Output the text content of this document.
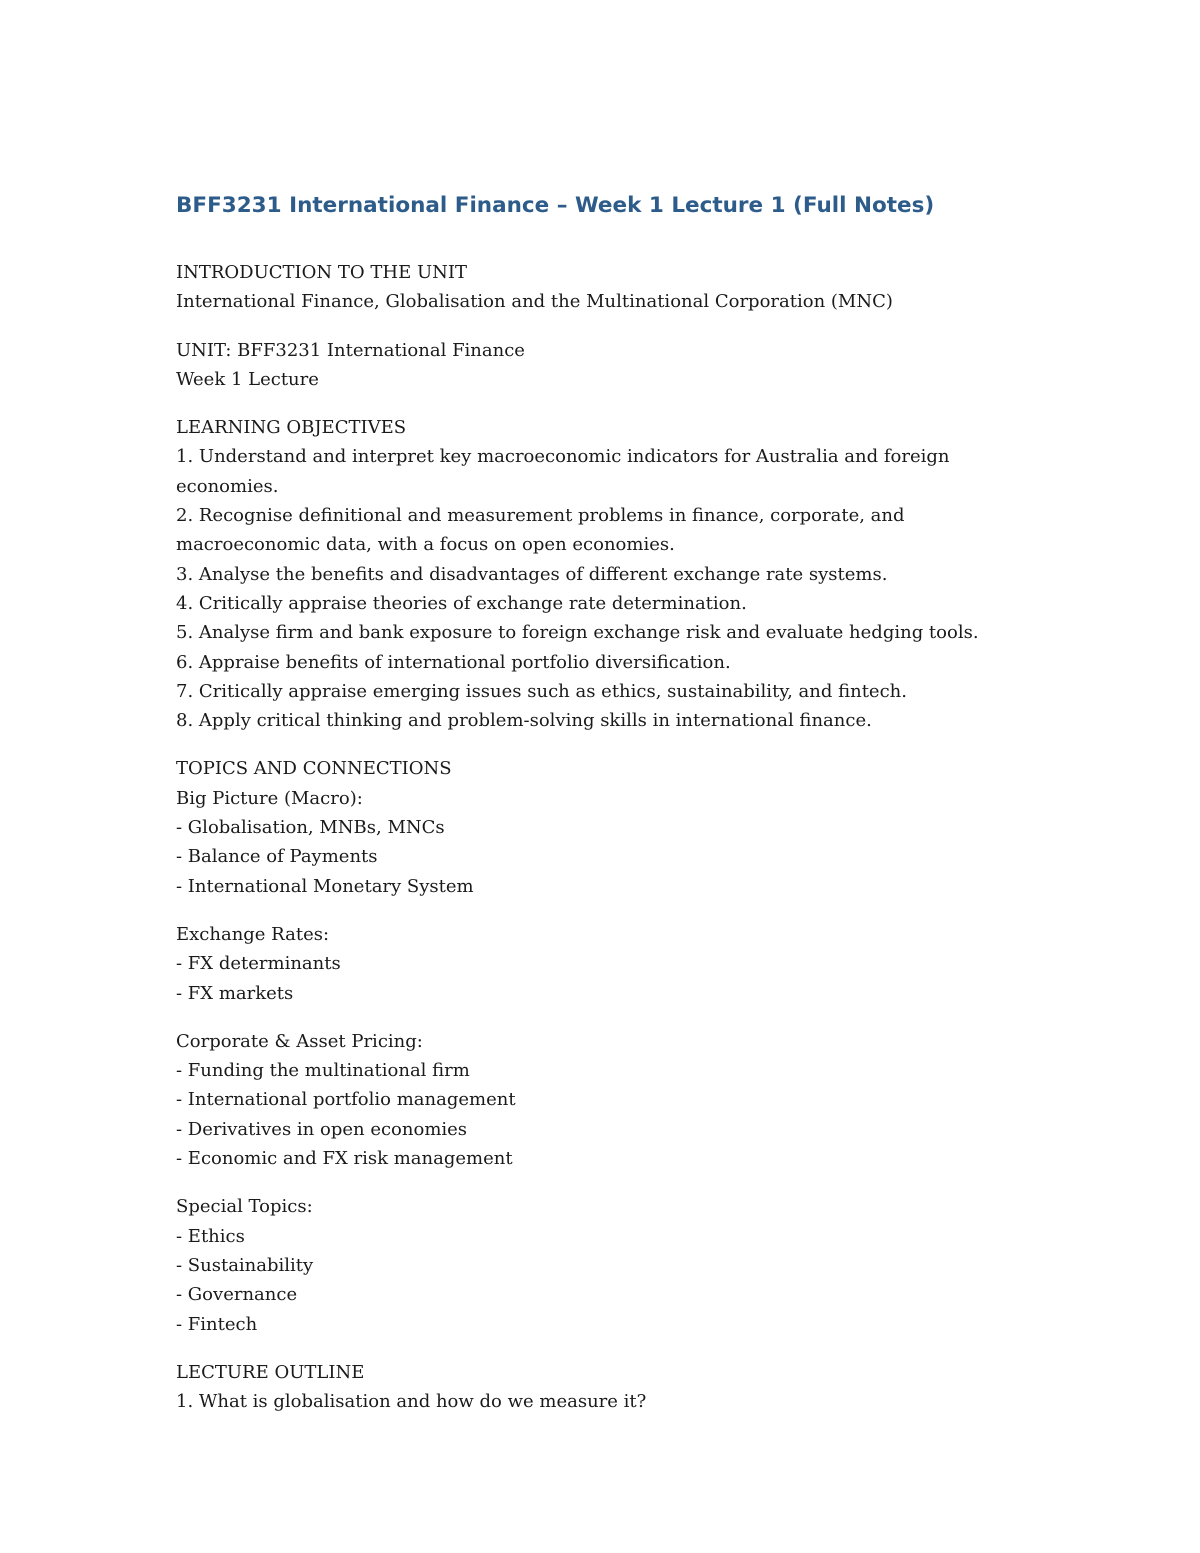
BFF3231 International Finance – Week 1 Lecture 1 (Full Notes)
INTRODUCTION TO THE UNIT
International Finance, Globalisation and the Multinational Corporation (MNC)
UNIT: BFF3231 International Finance
Week 1 Lecture
LEARNING OBJECTIVES
1. Understand and interpret key macroeconomic indicators for Australia and foreign economies.
2. Recognise definitional and measurement problems in finance, corporate, and macroeconomic data, with a focus on open economies.
3. Analyse the benefits and disadvantages of different exchange rate systems.
4. Critically appraise theories of exchange rate determination.
5. Analyse firm and bank exposure to foreign exchange risk and evaluate hedging tools.
6. Appraise benefits of international portfolio diversification.
7. Critically appraise emerging issues such as ethics, sustainability, and fintech.
8. Apply critical thinking and problem-solving skills in international finance.
TOPICS AND CONNECTIONS
Big Picture (Macro):
- Globalisation, MNBs, MNCs
- Balance of Payments
- International Monetary System
Exchange Rates:
- FX determinants
- FX markets
Corporate & Asset Pricing:
- Funding the multinational firm
- International portfolio management
- Derivatives in open economies
- Economic and FX risk management
Special Topics:
- Ethics
- Sustainability
- Governance
- Fintech
LECTURE OUTLINE
1. What is globalisation and how do we measure it?
